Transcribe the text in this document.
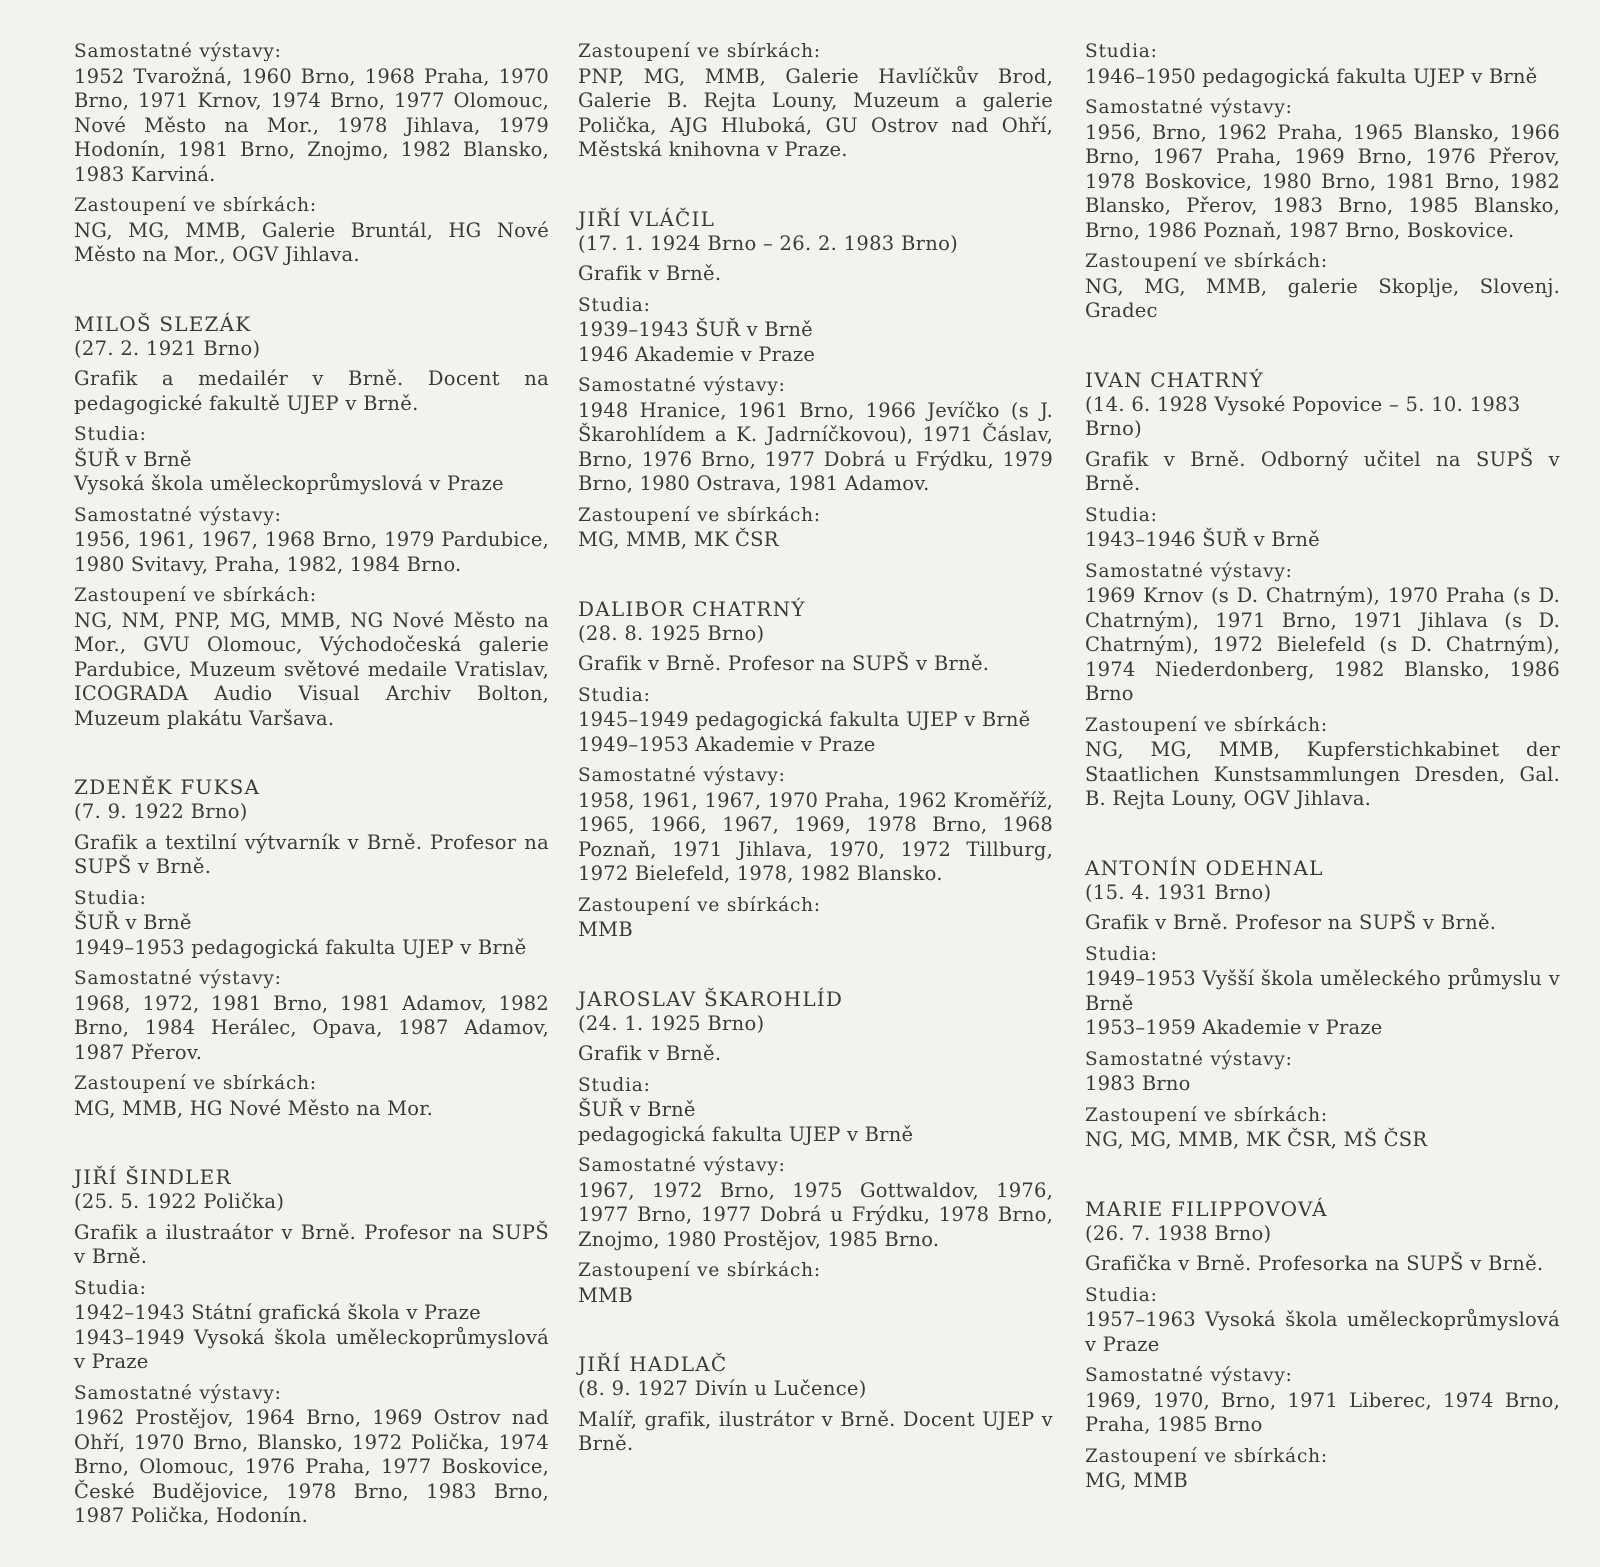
Samostatné výstavy:
1952 Tvarožná, 1960 Brno, 1968 Praha, 1970 Brno, 1971 Krnov, 1974 Brno, 1977 Olomouc, Nové Město na Mor., 1978 Jihlava, 1979 Hodonín, 1981 Brno, Znojmo, 1982 Blansko, 1983 Karviná.
Zastoupení ve sbírkách:
NG, MG, MMB, Galerie Bruntál, HG Nové Město na Mor., OGV Jihlava.
MILOŠ SLEZÁK
(27. 2. 1921 Brno)
Grafik a medailér v Brně. Docent na pedagogické fakultě UJEP v Brně.
Studia:
ŠUŘ v Brně
Vysoká škola uměleckoprůmyslová v Praze
Samostatné výstavy:
1956, 1961, 1967, 1968 Brno, 1979 Pardubice, 1980 Svitavy, Praha, 1982, 1984 Brno.
Zastoupení ve sbírkách:
NG, NM, PNP, MG, MMB, NG Nové Město na Mor., GVU Olomouc, Východočeská galerie Pardubice, Muzeum světové medaile Vratislav, ICOGRADA Audio Visual Archiv Bolton, Muzeum plakátu Varšava.
ZDENĚK FUKSA
(7. 9. 1922 Brno)
Grafik a textilní výtvarník v Brně. Profesor na SUPŠ v Brně.
Studia:
ŠUŘ v Brně
1949–1953 pedagogická fakulta UJEP v Brně
Samostatné výstavy:
1968, 1972, 1981 Brno, 1981 Adamov, 1982 Brno, 1984 Herálec, Opava, 1987 Adamov, 1987 Přerov.
Zastoupení ve sbírkách:
MG, MMB, HG Nové Město na Mor.
JIŘÍ ŠINDLER
(25. 5. 1922 Polička)
Grafik a ilustraátor v Brně. Profesor na SUPŠ v Brně.
Studia:
1942–1943 Státní grafická škola v Praze
1943–1949 Vysoká škola uměleckoprůmyslová v Praze
Samostatné výstavy:
1962 Prostějov, 1964 Brno, 1969 Ostrov nad Ohří, 1970 Brno, Blansko, 1972 Polička, 1974 Brno, Olomouc, 1976 Praha, 1977 Boskovice, České Budějovice, 1978 Brno, 1983 Brno, 1987 Polička, Hodonín.
Zastoupení ve sbírkách:
PNP, MG, MMB, Galerie Havlíčkův Brod, Galerie B. Rejta Louny, Muzeum a galerie Polička, AJG Hluboká, GU Ostrov nad Ohří, Městská knihovna v Praze.
JIŘÍ VLÁČIL
(17. 1. 1924 Brno – 26. 2. 1983 Brno)
Grafik v Brně.
Studia:
1939–1943 ŠUŘ v Brně
1946 Akademie v Praze
Samostatné výstavy:
1948 Hranice, 1961 Brno, 1966 Jevíčko (s J. Škarohlídem a K. Jadrníčkovou), 1971 Čáslav, Brno, 1976 Brno, 1977 Dobrá u Frýdku, 1979 Brno, 1980 Ostrava, 1981 Adamov.
Zastoupení ve sbírkách:
MG, MMB, MK ČSR
DALIBOR CHATRNÝ
(28. 8. 1925 Brno)
Grafik v Brně. Profesor na SUPŠ v Brně.
Studia:
1945–1949 pedagogická fakulta UJEP v Brně
1949–1953 Akademie v Praze
Samostatné výstavy:
1958, 1961, 1967, 1970 Praha, 1962 Kroměříž, 1965, 1966, 1967, 1969, 1978 Brno, 1968 Poznaň, 1971 Jihlava, 1970, 1972 Tillburg, 1972 Bielefeld, 1978, 1982 Blansko.
Zastoupení ve sbírkách:
MMB
JAROSLAV ŠKAROHLÍD
(24. 1. 1925 Brno)
Grafik v Brně.
Studia:
ŠUŘ v Brně
pedagogická fakulta UJEP v Brně
Samostatné výstavy:
1967, 1972 Brno, 1975 Gottwaldov, 1976, 1977 Brno, 1977 Dobrá u Frýdku, 1978 Brno, Znojmo, 1980 Prostějov, 1985 Brno.
Zastoupení ve sbírkách:
MMB
JIŘÍ HADLAČ
(8. 9. 1927 Divín u Lučence)
Malíř, grafik, ilustrátor v Brně. Docent UJEP v Brně.
Studia:
1946–1950 pedagogická fakulta UJEP v Brně
Samostatné výstavy:
1956, Brno, 1962 Praha, 1965 Blansko, 1966 Brno, 1967 Praha, 1969 Brno, 1976 Přerov, 1978 Boskovice, 1980 Brno, 1981 Brno, 1982 Blansko, Přerov, 1983 Brno, 1985 Blansko, Brno, 1986 Poznaň, 1987 Brno, Boskovice.
Zastoupení ve sbírkách:
NG, MG, MMB, galerie Skoplje, Slovenj. Gradec
IVAN CHATRNÝ
(14. 6. 1928 Vysoké Popovice – 5. 10. 1983 Brno)
Grafik v Brně. Odborný učitel na SUPŠ v Brně.
Studia:
1943–1946 ŠUŘ v Brně
Samostatné výstavy:
1969 Krnov (s D. Chatrným), 1970 Praha (s D. Chatrným), 1971 Brno, 1971 Jihlava (s D. Chatrným), 1972 Bielefeld (s D. Chatrným), 1974 Niederdonberg, 1982 Blansko, 1986 Brno
Zastoupení ve sbírkách:
NG, MG, MMB, Kupferstichkabinet der Staatlichen Kunstsammlungen Dresden, Gal. B. Rejta Louny, OGV Jihlava.
ANTONÍN ODEHNAL
(15. 4. 1931 Brno)
Grafik v Brně. Profesor na SUPŠ v Brně.
Studia:
1949–1953 Vyšší škola uměleckého průmyslu v Brně
1953–1959 Akademie v Praze
Samostatné výstavy:
1983 Brno
Zastoupení ve sbírkách:
NG, MG, MMB, MK ČSR, MŠ ČSR
MARIE FILIPPOVOVÁ
(26. 7. 1938 Brno)
Grafička v Brně. Profesorka na SUPŠ v Brně.
Studia:
1957–1963 Vysoká škola uměleckoprůmyslová v Praze
Samostatné výstavy:
1969, 1970, Brno, 1971 Liberec, 1974 Brno, Praha, 1985 Brno
Zastoupení ve sbírkách:
MG, MMB
